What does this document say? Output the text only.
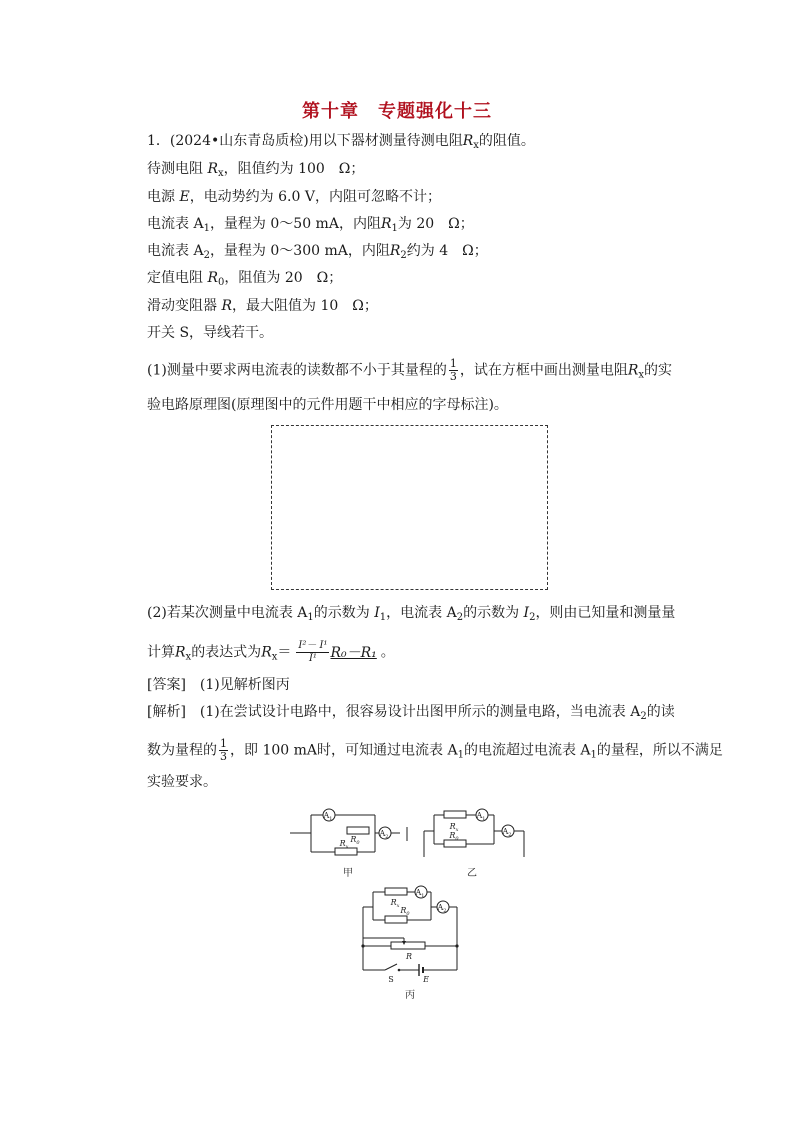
第十章　专题强化十三
1．(2024•山东青岛质检)用以下器材测量待测电阻$R_x$的阻值。
待测电阻 $R_x$，阻值约为 100　Ω；
电源 E，电动势约为 6.0 V，内阻可忽略不计；
电流表 $A_1$，量程为 0～50 mA，内阻$R_1$为 20　Ω；
电流表 $A_2$，量程为 0～300 mA，内阻$R_2$约为 4　Ω；
定值电阻 $R_0$，阻值为 20　Ω；
滑动变阻器 R，最大阻值为 10　Ω；
开关 S，导线若干。
(1)测量中要求两电流表的读数都不小于其量程的 $\frac{1}{3}$ ，试在方框中画出测量电阻$R_x$的实
验电路原理图(原理图中的元件用题干中相应的字母标注)。
(2)若某次测量中电流表 $A_1$的示数为 $I_1$，电流表 $A_2$的示数为 $I_2$，则由已知量和测量量
计算$R_x$的表达式为$R_x= \frac{\text{I²－ I¹}}{\text{I¹}} R_0-R_1$ 。
[答案]　(1)见解析图丙
[解析]　(1)在尝试设计电路中，很容易设计出图甲所示的测量电路，当电流表 $A_2$的读
数为量程的 $\frac{1}{3}$ ，即 100 mA时，可知通过电流表 $A_1$的电流超过电流表 $A_1$的量程，所以不满足
实验要求。
$A_1$
$A_2$
$R_0$
$R_x$
甲
$A_1$
$A_2$
$R_x$
$R_0$
乙
$A_1$
$A_2$
$R_x$ $R_0$
R
S	E
丙
